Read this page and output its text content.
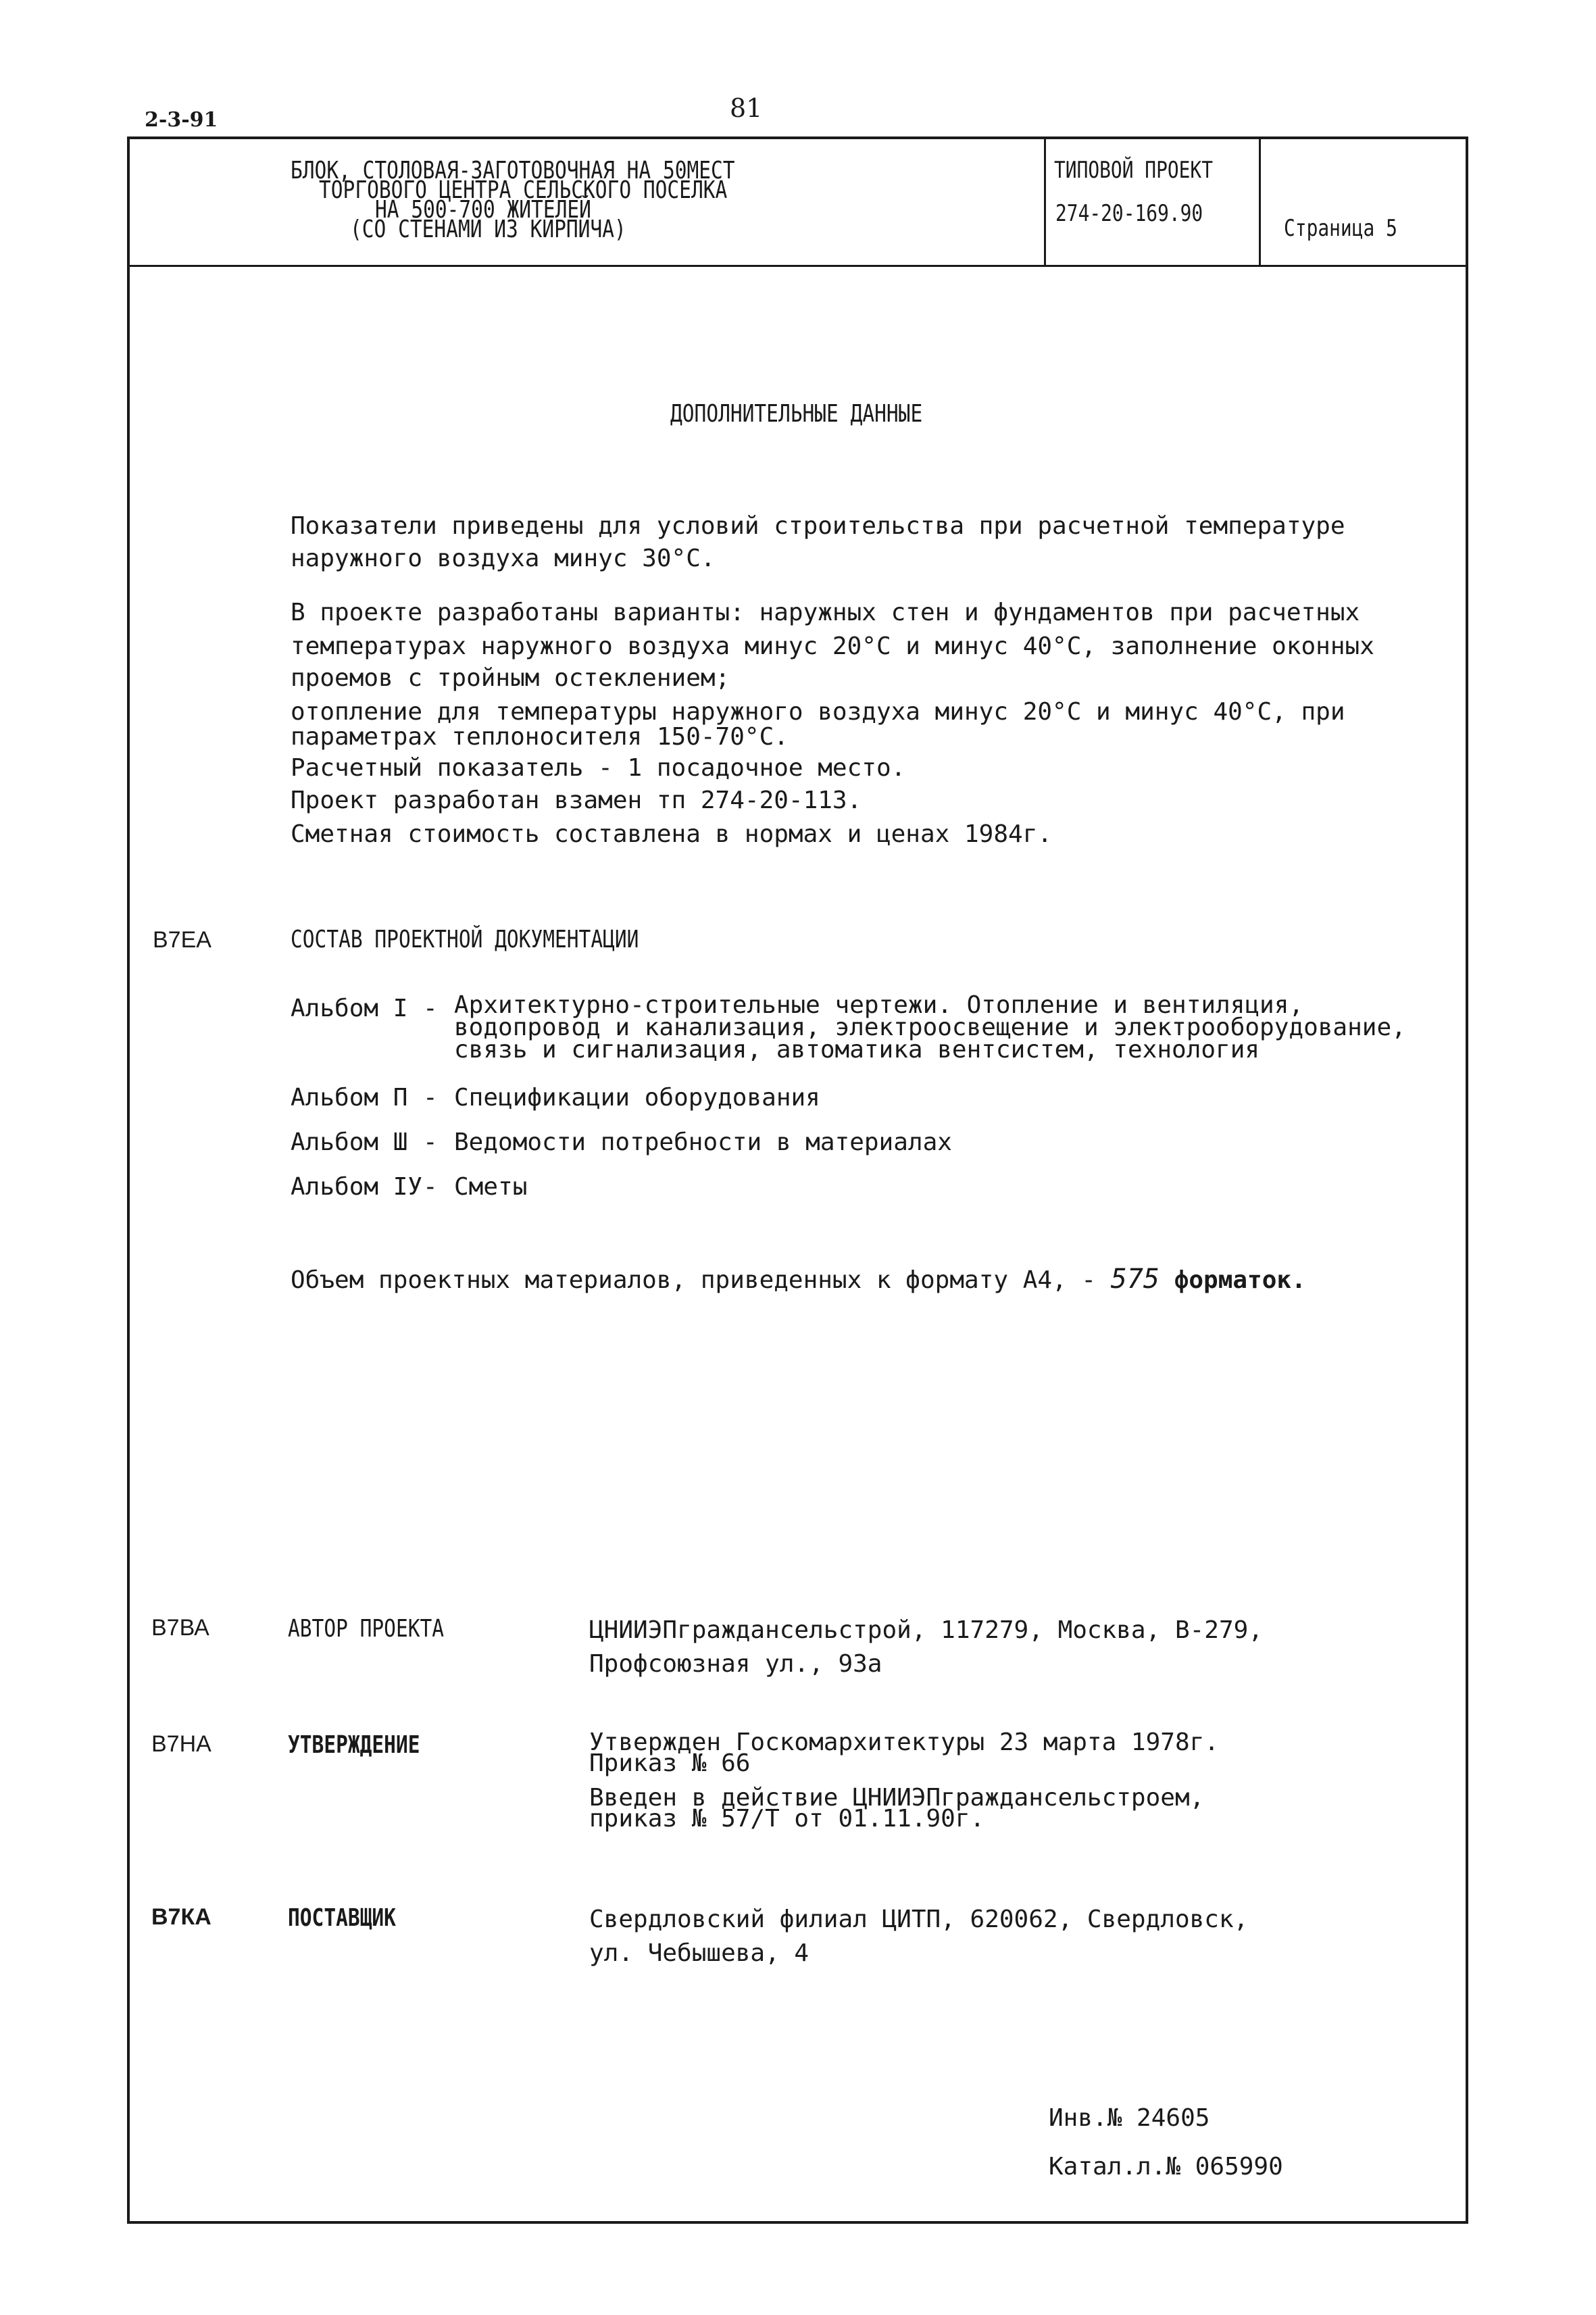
81
2-3-91
БЛОК, СТОЛОВАЯ-ЗАГОТОВОЧНАЯ НА 50МЕСТ
ТОРГОВОГО ЦЕНТРА СЕЛЬСКОГО ПОСЕЛКА
НА 500-700 ЖИТЕЛЕЙ
(СО СТЕНАМИ ИЗ КИРПИЧА)
ТИПОВОЙ ПРОЕКТ
274-20-169.90
Страница 5
ДОПОЛНИТЕЛЬНЫЕ ДАННЫЕ
Показатели приведены для условий строительства при расчетной температуре
наружного воздуха минус 30°С.
В проекте разработаны варианты: наружных стен и фундаментов при расчетных
температурах наружного воздуха минус 20°С и минус 40°С, заполнение оконных
проемов с тройным остеклением;
отопление для температуры наружного воздуха минус 20°С и минус 40°С, при
параметрах теплоносителя 150-70°С.
Расчетный показатель - 1 посадочное место.
Проект разработан взамен тп 274-20-113.
Сметная стоимость составлена в нормах и ценах 1984г.
В7ЕА	СОСТАВ ПРОЕКТНОЙ ДОКУМЕНТАЦИИ
Альбом I - Архитектурно-строительные чертежи. Отопление и вентиляция,
водопровод и канализация, электроосвещение и электрооборудование,
связь и сигнализация, автоматика вентсистем, технология
Альбом П - Спецификации оборудования
Альбом Ш - Ведомости потребности в материалах
Альбом IУ - Сметы
Объем проектных материалов, приведенных к формату А4, - 575 форматок.
В7ВА	АВТОР ПРОЕКТА	ЦНИИЭПграждансельстрой, 117279, Москва, В-279,
Профсоюзная ул., 93а
В7НА	УТВЕРЖДЕНИЕ	Утвержден Госкомархитектуры 23 марта 1978г.
Приказ № 66
Введен в действие ЦНИИЭПграждансельстроем,
приказ № 57/Т от 01.11.90г.
В7КА	ПОСТАВЩИК	Свердловский филиал ЦИТП, 620062, Свердловск,
ул. Чебышева, 4
Инв.№ 24605
Катал.л.№ 065990
